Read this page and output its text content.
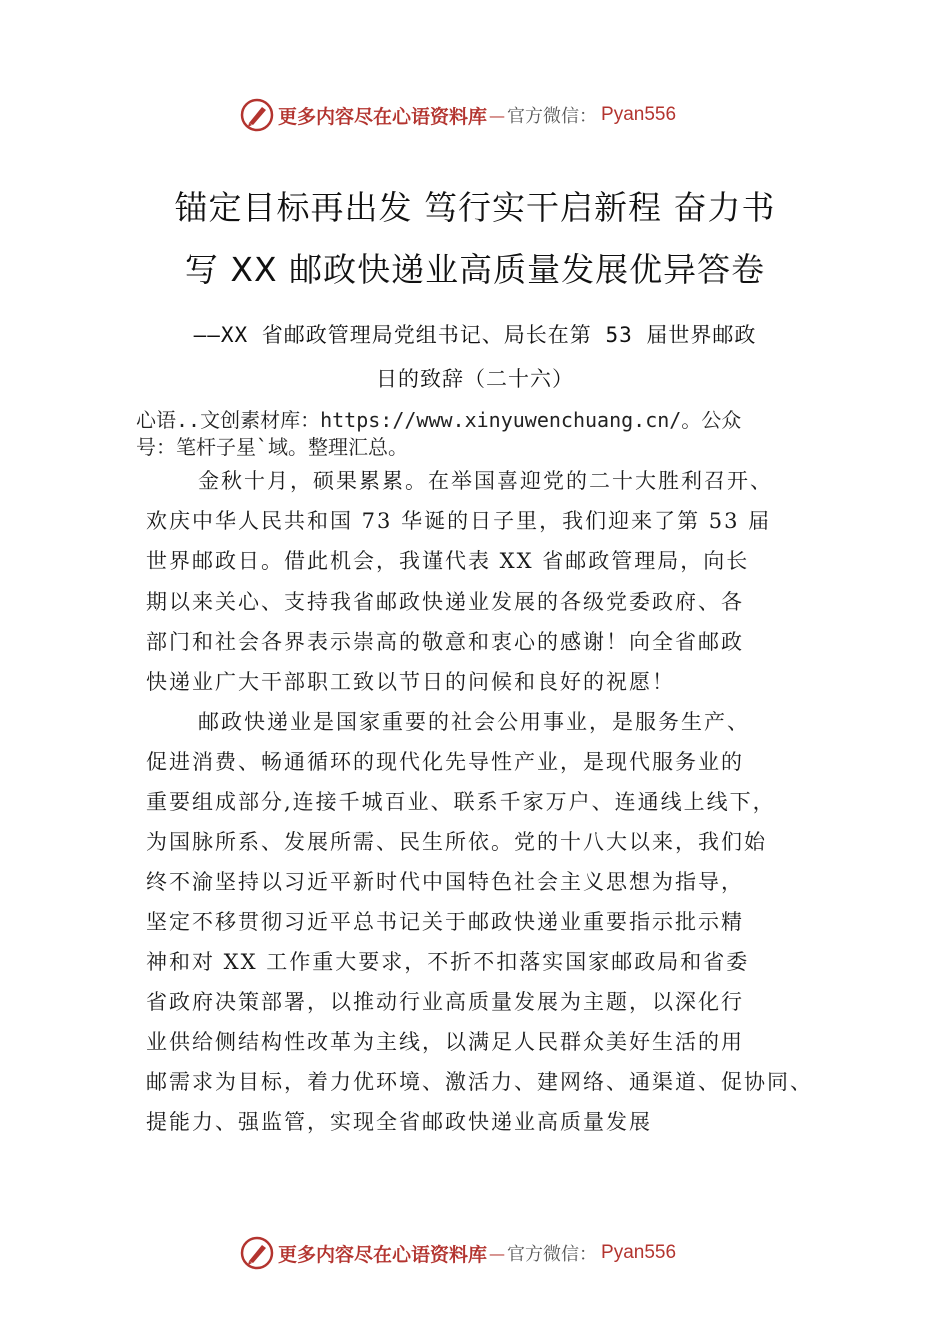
更多内容尽在心语资料库 — 官方微信： Pyan556
锚定目标再出发 笃行实干启新程 奋力书
写 XX 邮政快递业高质量发展优异答卷

——XX 省邮政管理局党组书记、局长在第 53 届世界邮政

日的致辞（二十六）

心语..文创素材库：https://www.xinyuwenchuang.cn/。公众

号：笔杆子星`域。整理汇总。

金秋十月，硕果累累。在举国喜迎党的二十大胜利召开、
欢庆中华人民共和国 73 华诞的日子里，我们迎来了第 53 届
世界邮政日。借此机会，我谨代表 XX 省邮政管理局，向长
期以来关心、支持我省邮政快递业发展的各级党委政府、各
部门和社会各界表示崇高的敬意和衷心的感谢！向全省邮政
快递业广大干部职工致以节日的问候和良好的祝愿！
邮政快递业是国家重要的社会公用事业，是服务生产、
促进消费、畅通循环的现代化先导性产业，是现代服务业的
重要组成部分,连接千城百业、联系千家万户、连通线上线下，
为国脉所系、发展所需、民生所依。党的十八大以来，我们始
终不渝坚持以习近平新时代中国特色社会主义思想为指导，
坚定不移贯彻习近平总书记关于邮政快递业重要指示批示精
神和对 XX 工作重大要求，不折不扣落实国家邮政局和省委
省政府决策部署，以推动行业高质量发展为主题，以深化行
业供给侧结构性改革为主线，以满足人民群众美好生活的用
邮需求为目标，着力优环境、激活力、建网络、通渠道、促协同、
提能力、强监管，实现全省邮政快递业高质量发展
更多内容尽在心语资料库 — 官方微信： Pyan556
